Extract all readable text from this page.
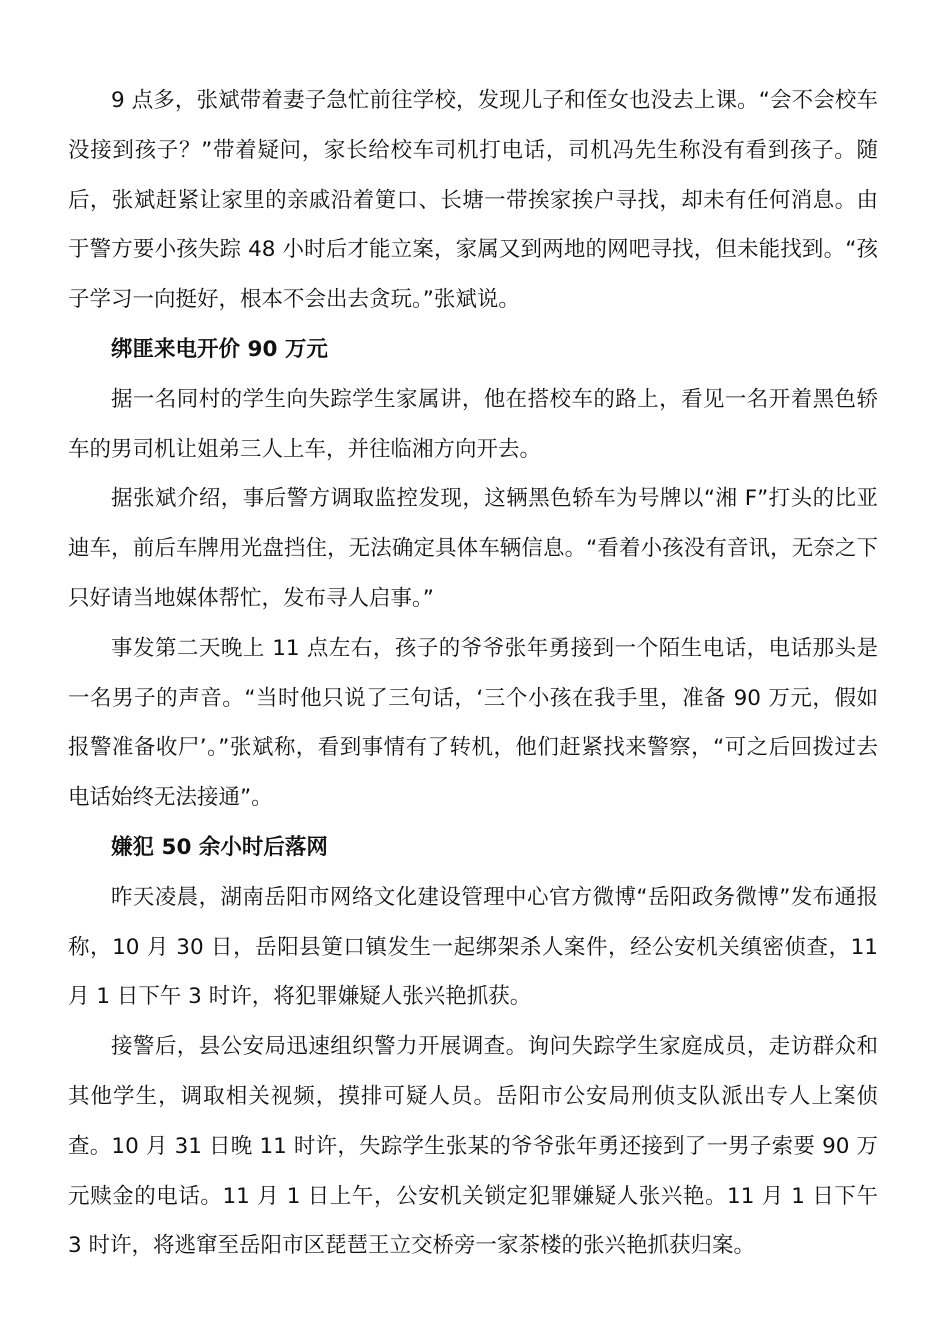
9 点多，张斌带着妻子急忙前往学校，发现儿子和侄女也没去上课。“会不会校车没接到孩子？”带着疑问，家长给校车司机打电话，司机冯先生称没有看到孩子。随后，张斌赶紧让家里的亲戚沿着筻口、长塘一带挨家挨户寻找，却未有任何消息。由于警方要小孩失踪 48 小时后才能立案，家属又到两地的网吧寻找，但未能找到。“孩子学习一向挺好，根本不会出去贪玩。”张斌说。

绑匪来电开价 90 万元

据一名同村的学生向失踪学生家属讲，他在搭校车的路上，看见一名开着黑色轿车的男司机让姐弟三人上车，并往临湘方向开去。

据张斌介绍，事后警方调取监控发现，这辆黑色轿车为号牌以“湘 F”打头的比亚迪车，前后车牌用光盘挡住，无法确定具体车辆信息。“看着小孩没有音讯，无奈之下只好请当地媒体帮忙，发布寻人启事。”

事发第二天晚上 11 点左右，孩子的爷爷张年勇接到一个陌生电话，电话那头是一名男子的声音。“当时他只说了三句话，‘三个小孩在我手里，准备 90 万元，假如报警准备收尸’。”张斌称，看到事情有了转机，他们赶紧找来警察，“可之后回拨过去电话始终无法接通”。

嫌犯 50 余小时后落网

昨天凌晨，湖南岳阳市网络文化建设管理中心官方微博“岳阳政务微博”发布通报称，10 月 30 日，岳阳县筻口镇发生一起绑架杀人案件，经公安机关缜密侦查，11 月 1 日下午 3 时许，将犯罪嫌疑人张兴艳抓获。

接警后，县公安局迅速组织警力开展调查。询问失踪学生家庭成员，走访群众和其他学生，调取相关视频，摸排可疑人员。岳阳市公安局刑侦支队派出专人上案侦查。10 月 31 日晚 11 时许，失踪学生张某的爷爷张年勇还接到了一男子索要 90 万元赎金的电话。11 月 1 日上午，公安机关锁定犯罪嫌疑人张兴艳。11 月 1 日下午 3 时许，将逃窜至岳阳市区琵琶王立交桥旁一家茶楼的张兴艳抓获归案。
